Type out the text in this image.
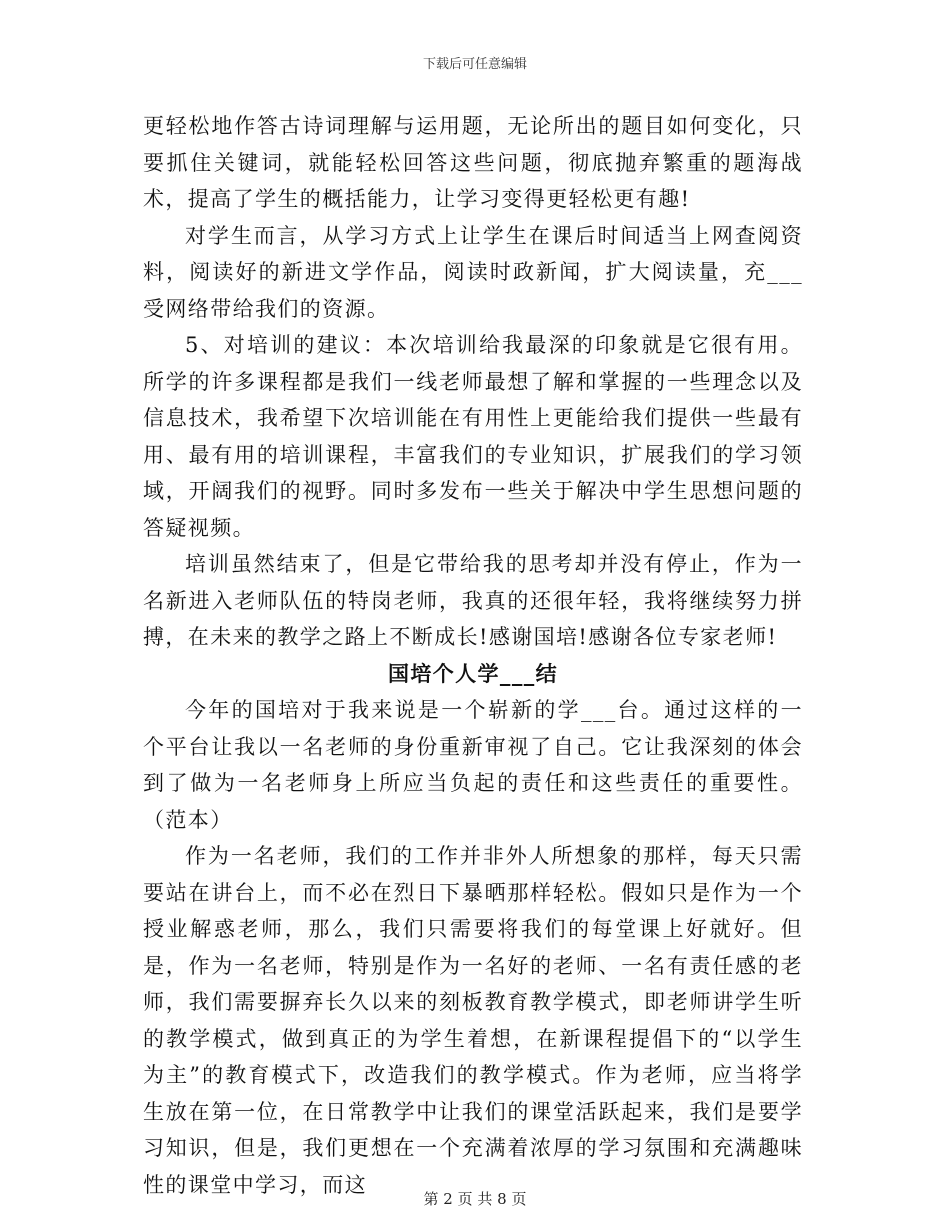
下载后可任意编辑

更轻松地作答古诗词理解与运用题，无论所出的题目如何变化，只要抓住关键词，就能轻松回答这些问题，彻底抛弃繁重的题海战术，提高了学生的概括能力，让学习变得更轻松更有趣!

对学生而言，从学习方式上让学生在课后时间适当上网查阅资料，阅读好的新进文学作品，阅读时政新闻，扩大阅读量，充___受网络带给我们的资源。

5、对培训的建议：本次培训给我最深的印象就是它很有用。所学的许多课程都是我们一线老师最想了解和掌握的一些理念以及信息技术，我希望下次培训能在有用性上更能给我们提供一些最有用、最有用的培训课程，丰富我们的专业知识，扩展我们的学习领域，开阔我们的视野。同时多发布一些关于解决中学生思想问题的答疑视频。

培训虽然结束了，但是它带给我的思考却并没有停止，作为一名新进入老师队伍的特岗老师，我真的还很年轻，我将继续努力拼搏，在未来的教学之路上不断成长!感谢国培!感谢各位专家老师!

国培个人学___结

今年的国培对于我来说是一个崭新的学___台。通过这样的一个平台让我以一名老师的身份重新审视了自己。它让我深刻的体会到了做为一名老师身上所应当负起的责任和这些责任的重要性。（范本）

作为一名老师，我们的工作并非外人所想象的那样，每天只需要站在讲台上，而不必在烈日下暴晒那样轻松。假如只是作为一个授业解惑老师，那么，我们只需要将我们的每堂课上好就好。但是，作为一名老师，特别是作为一名好的老师、一名有责任感的老师，我们需要摒弃长久以来的刻板教育教学模式，即老师讲学生听的教学模式，做到真正的为学生着想，在新课程提倡下的“以学生为主”的教育模式下，改造我们的教学模式。作为老师，应当将学生放在第一位，在日常教学中让我们的课堂活跃起来，我们是要学习知识，但是，我们更想在一个充满着浓厚的学习氛围和充满趣味性的课堂中学习，而这

第 2 页 共 8 页
